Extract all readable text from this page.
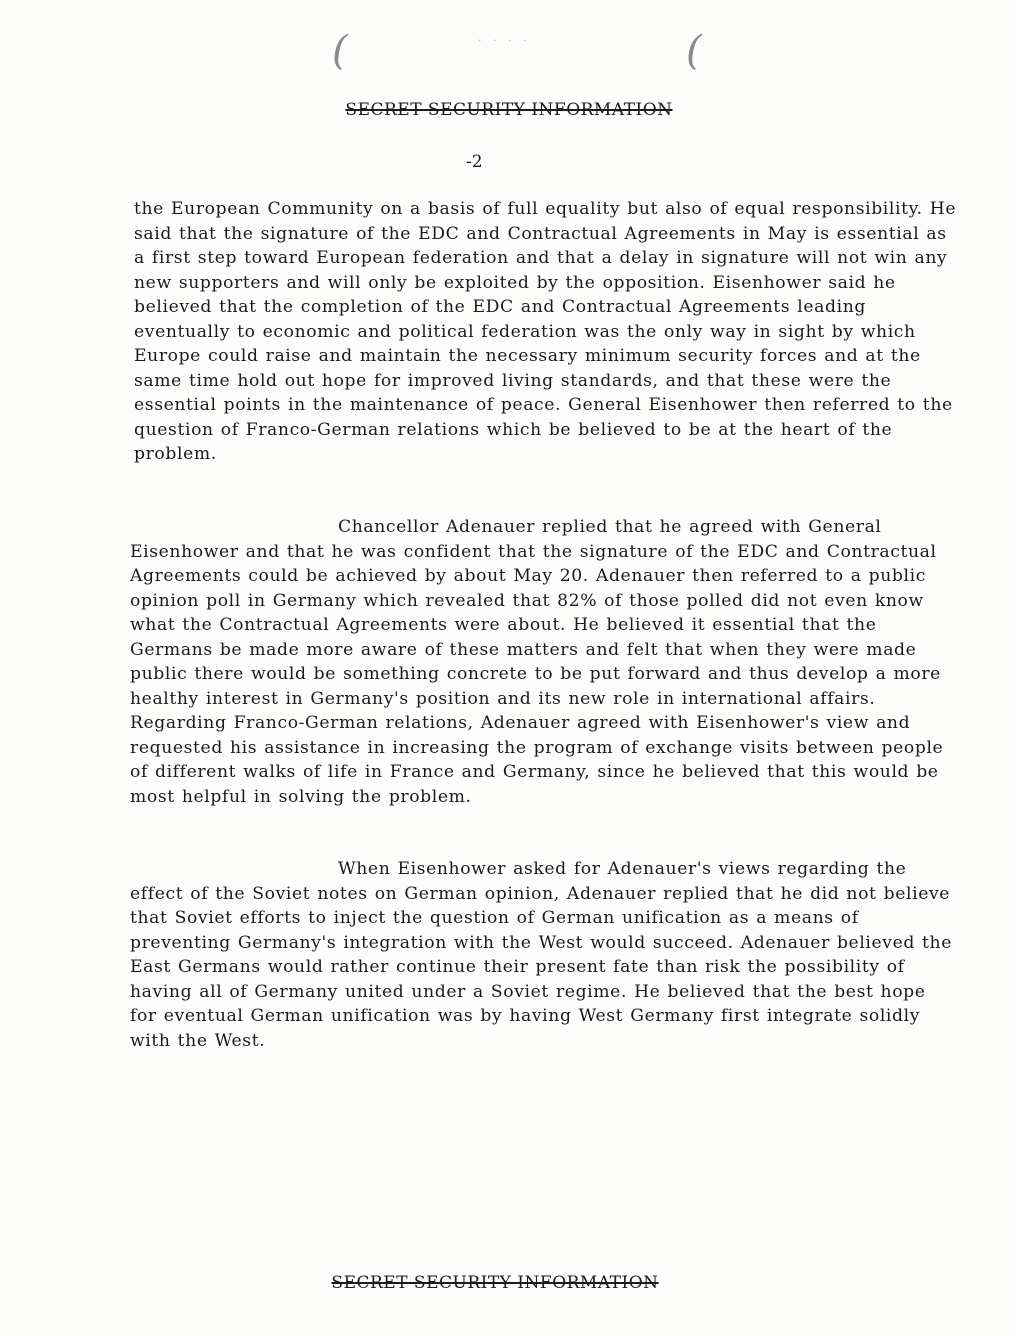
(	· · · ·	(
SECRET SECURITY INFORMATION
-2

the European Community on a basis of full equality but also of equal responsibility. He said that the signature of the EDC and Contractual Agreements in May is essential as a first step toward European federation and that a delay in signature will not win any new supporters and will only be exploited by the opposition. Eisenhower said he believed that the completion of the EDC and Contractual Agreements leading eventually to economic and political federation was the only way in sight by which Europe could raise and maintain the necessary minimum security forces and at the same time hold out hope for improved living standards, and that these were the essential points in the maintenance of peace. General Eisenhower then referred to the question of Franco-German relations which be believed to be at the heart of the problem.

Chancellor Adenauer replied that he agreed with General Eisenhower and that he was confident that the signature of the EDC and Contractual Agreements could be achieved by about May 20. Adenauer then referred to a public opinion poll in Germany which revealed that 82% of those polled did not even know what the Contractual Agreements were about. He believed it essential that the Germans be made more aware of these matters and felt that when they were made public there would be something concrete to be put forward and thus develop a more healthy interest in Germany's position and its new role in international affairs. Regarding Franco-German relations, Adenauer agreed with Eisenhower's view and requested his assistance in increasing the program of exchange visits between people of different walks of life in France and Germany, since he believed that this would be most helpful in solving the problem.

When Eisenhower asked for Adenauer's views regarding the effect of the Soviet notes on German opinion, Adenauer replied that he did not believe that Soviet efforts to inject the question of German unification as a means of preventing Germany's integration with the West would succeed. Adenauer believed the East Germans would rather continue their present fate than risk the possibility of having all of Germany united under a Soviet regime. He believed that the best hope for eventual German unification was by having West Germany first integrate solidly with the West.

SECRET SECURITY INFORMATION
